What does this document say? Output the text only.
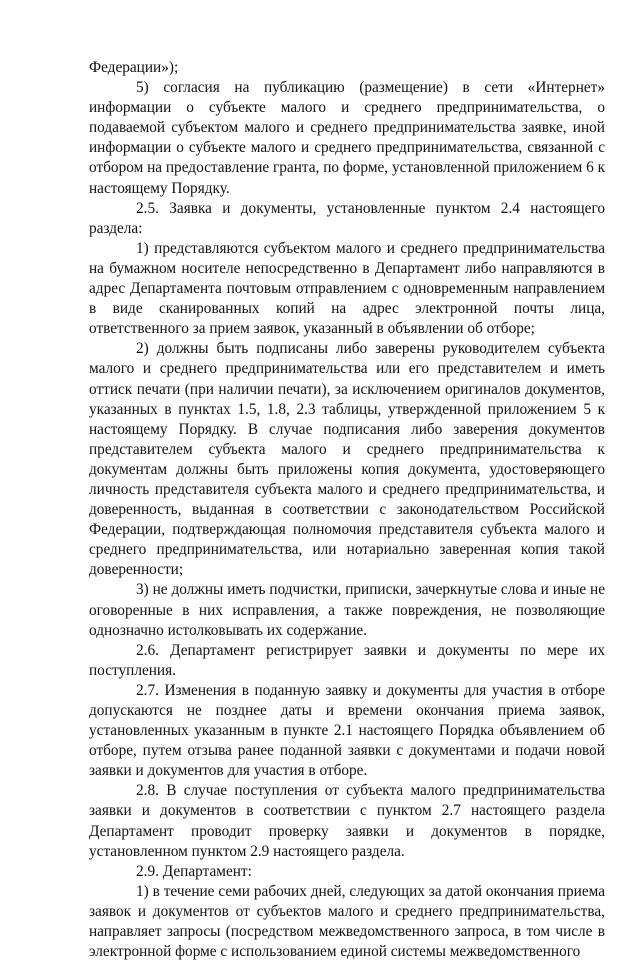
Федерации»);

5) согласия на публикацию (размещение) в сети «Интернет» информации о субъекте малого и среднего предпринимательства, о подаваемой субъектом малого и среднего предпринимательства заявке, иной информации о субъекте малого и среднего предпринимательства, связанной с отбором на предоставление гранта, по форме, установленной приложением 6 к настоящему Порядку.

2.5. Заявка и документы, установленные пунктом 2.4 настоящего раздела:

1) представляются субъектом малого и среднего предпринимательства на бумажном носителе непосредственно в Департамент либо направляются в адрес Департамента почтовым отправлением с одновременным направлением в виде сканированных копий на адрес электронной почты лица, ответственного за прием заявок, указанный в объявлении об отборе;

2) должны быть подписаны либо заверены руководителем субъекта малого и среднего предпринимательства или его представителем и иметь оттиск печати (при наличии печати), за исключением оригиналов документов, указанных в пунктах 1.5, 1.8, 2.3 таблицы, утвержденной приложением 5 к настоящему Порядку. В случае подписания либо заверения документов представителем субъекта малого и среднего предпринимательства к документам должны быть приложены копия документа, удостоверяющего личность представителя субъекта малого и среднего предпринимательства, и доверенность, выданная в соответствии с законодательством Российской Федерации, подтверждающая полномочия представителя субъекта малого и среднего предпринимательства, или нотариально заверенная копия такой доверенности;

3) не должны иметь подчистки, приписки, зачеркнутые слова и иные не оговоренные в них исправления, а также повреждения, не позволяющие однозначно истолковывать их содержание.

2.6. Департамент регистрирует заявки и документы по мере их поступления.

2.7. Изменения в поданную заявку и документы для участия в отборе допускаются не позднее даты и времени окончания приема заявок, установленных указанным в пункте 2.1 настоящего Порядка объявлением об отборе, путем отзыва ранее поданной заявки с документами и подачи новой заявки и документов для участия в отборе.

2.8. В случае поступления от субъекта малого предпринимательства заявки и документов в соответствии с пунктом 2.7 настоящего раздела Департамент проводит проверку заявки и документов в порядке, установленном пунктом 2.9 настоящего раздела.

2.9. Департамент:

1) в течение семи рабочих дней, следующих за датой окончания приема заявок и документов от субъектов малого и среднего предпринимательства, направляет запросы (посредством межведомственного запроса, в том числе в электронной форме с использованием единой системы межведомственного
